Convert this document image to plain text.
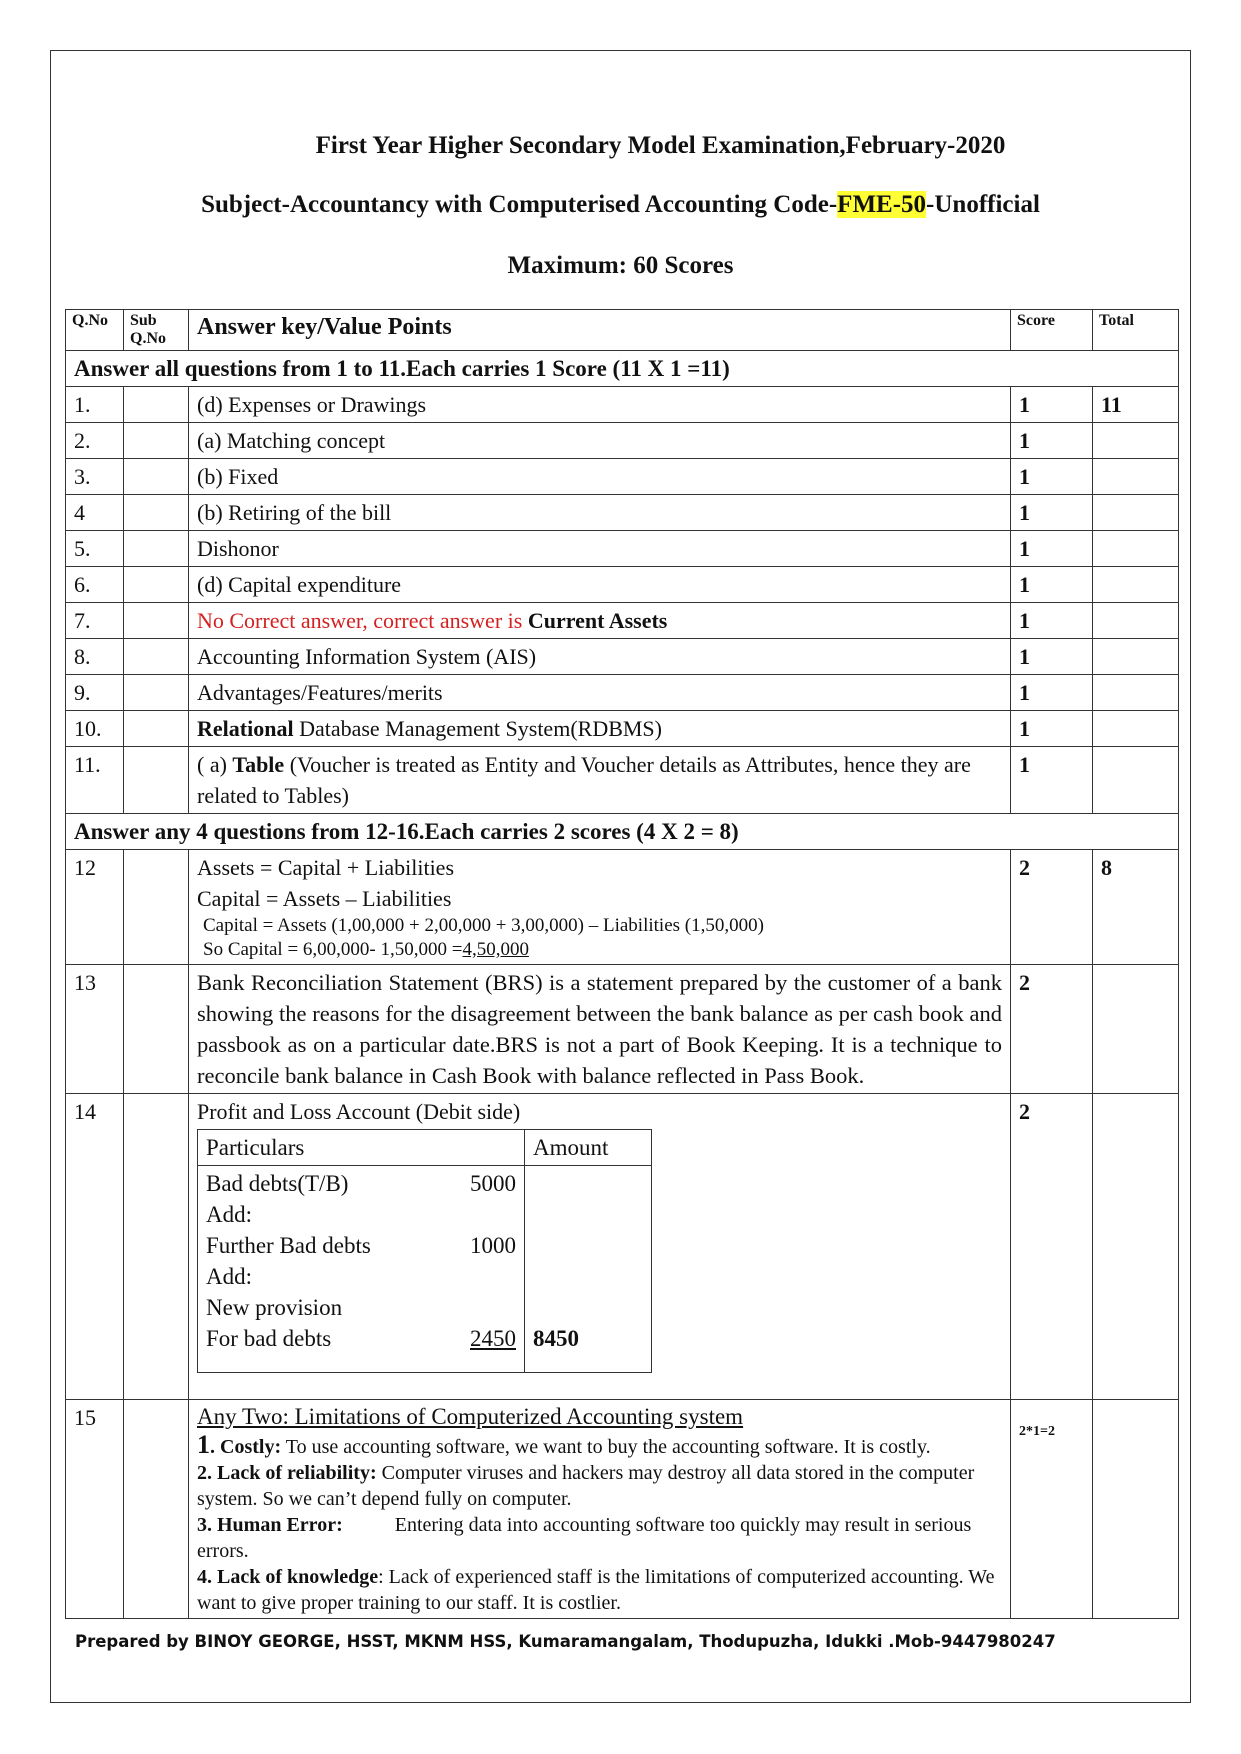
First Year Higher Secondary Model Examination,February-2020
Subject-Accountancy with Computerised Accounting Code-FME-50-Unofficial
Maximum: 60 Scores
Q.No	Sub Q.No	Answer key/Value Points	Score	Total
Answer all questions from 1 to 11.Each carries 1 Score (11 X 1 =11)
1.		(d) Expenses or Drawings	1	11
2.		(a) Matching concept	1	
3.		(b) Fixed	1	
4		(b) Retiring of the bill	1	
5.		Dishonor	1	
6.		(d) Capital expenditure	1	
7.		No Correct answer, correct answer is Current Assets	1	
8.		Accounting Information System (AIS)	1	
9.		Advantages/Features/merits	1	
10.		Relational Database Management System(RDBMS)	1	
11.		( a) Table (Voucher is treated as Entity and Voucher details as Attributes, hence they are related to Tables)	1	
Answer any 4 questions from 12-16.Each carries 2 scores (4 X 2 = 8)
12		Assets = Capital + Liabilities
Capital = Assets – Liabilities
Capital = Assets (1,00,000 + 2,00,000 + 3,00,000) – Liabilities (1,50,000)
So Capital = 6,00,000- 1,50,000 =4,50,000
	2	8
13		Bank Reconciliation Statement (BRS) is a statement prepared by the customer of a bank showing the reasons for the disagreement between the bank balance as per cash book and passbook as on a particular date.BRS is not a part of Book Keeping. It is a technique to reconcile bank balance in Cash Book with balance reflected in Pass Book.	2	
14		Profit and Loss Account (Debit side)
Particulars	Amount

Bad debts(T/B)	5000
Add:
Further Bad debts	1000
Add:
New provision
For bad debts	2450	8450
	2	
15		Any Two: Limitations of Computerized Accounting system
1. Costly: To use accounting software, we want to buy the accounting software. It is costly.
2. Lack of reliability: Computer viruses and hackers may destroy all data stored in the computer system. So we can’t depend fully on computer.
3. Human Error:	Entering data into accounting software too quickly may result in serious errors.
4. Lack of knowledge: Lack of experienced staff is the limitations of computerized accounting. We want to give proper training to our staff. It is costlier.
	2*1=2	
Prepared by BINOY GEORGE, HSST, MKNM HSS, Kumaramangalam, Thodupuzha, Idukki .Mob-9447980247
